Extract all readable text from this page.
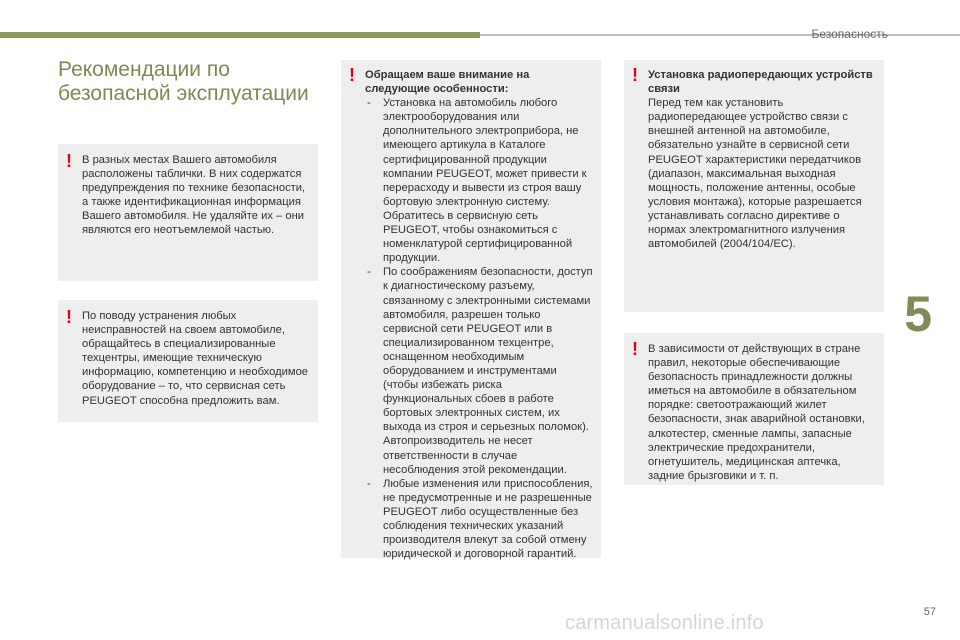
Безопасность
5
Рекомендации по
безопасной эксплуатации
! В разных местах Вашего автомобиля расположены таблички. В них содержатся предупреждения по технике безопасности, а также идентификационная информация Вашего автомобиля. Не удаляйте их – они являются его неотъемлемой частью.

! По поводу устранения любых неисправностей на своем автомобиле, обращайтесь в специализированные техцентры, имеющие техническую информацию, компетенцию и необходимое оборудование – то, что сервисная сеть PEUGEOT способна предложить вам.

! Обращаем ваше внимание на следующие особенности:

- Установка на автомобиль любого электрооборудования или дополнительного электроприбора, не имеющего артикула в Каталоге сертифицированной продукции компании PEUGEOT, может привести к перерасходу и вывести из строя вашу бортовую электронную систему. Обратитесь в сервисную сеть PEUGEOT, чтобы ознакомиться с номенклатурой сертифицированной продукции.
- По соображениям безопасности, доступ к диагностическому разъему, связанному с электронными системами автомобиля, разрешен только сервисной сети PEUGEOT или в специализированном техцентре, оснащенном необходимым оборудованием и инструментами (чтобы избежать риска функциональных сбоев в работе бортовых электронных систем, их выхода из строя и серьезных поломок). Автопроизводитель не несет ответственности в случае несоблюдения этой рекомендации.
- Любые изменения или приспособления, не предусмотренные и не разрешенные PEUGEOT либо осуществленные без соблюдения технических указаний производителя влекут за собой отмену юридической и договорной гарантий.
! Установка радиопередающих устройств связи

Перед тем как установить радиопередающее устройство связи с внешней антенной на автомобиле, обязательно узнайте в сервисной сети PEUGEOT характеристики передатчиков (диапазон, максимальная выходная мощность, положение антенны, особые условия монтажа), которые разрешается устанавливать согласно директиве о нормах электромагнитного излучения автомобилей (2004/104/EC).

! В зависимости от действующих в стране правил, некоторые обеспечивающие безопасность принадлежности должны иметься на автомобиле в обязательном порядке: светоотражающий жилет безопасности, знак аварийной остановки, алкотестер, сменные лампы, запасные электрические предохранители, огнетушитель, медицинская аптечка, задние брызговики и т. п.

carmanualsonline.info	57
